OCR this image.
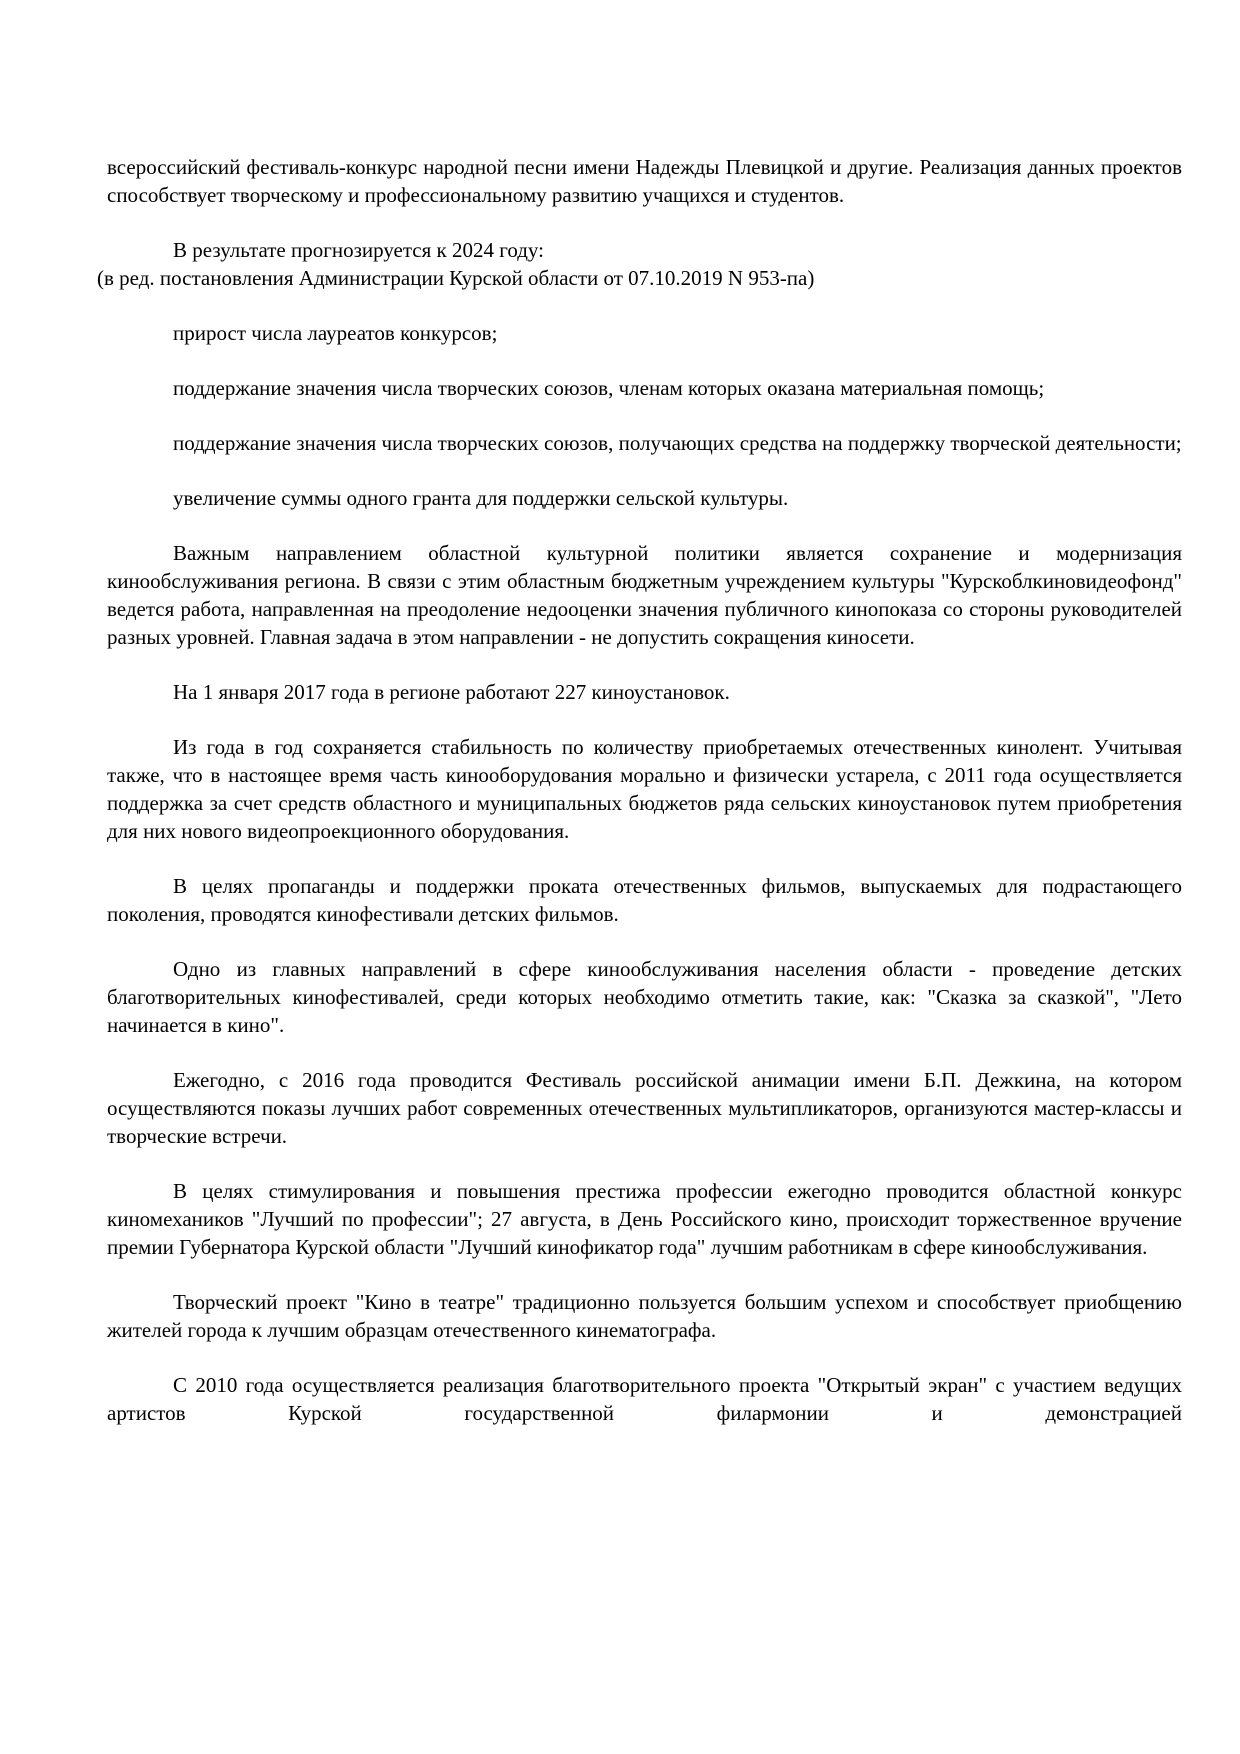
всероссийский фестиваль-конкурс народной песни имени Надежды Плевицкой и другие. Реализация данных проектов способствует творческому и профессиональному развитию учащихся и студентов.

В результате прогнозируется к 2024 году:

(в ред. постановления Администрации Курской области от 07.10.2019 N 953-па)

прирост числа лауреатов конкурсов;

поддержание значения числа творческих союзов, членам которых оказана материальная помощь;

поддержание значения числа творческих союзов, получающих средства на поддержку творческой деятельности;

увеличение суммы одного гранта для поддержки сельской культуры.

Важным направлением областной культурной политики является сохранение и модернизация кинообслуживания региона. В связи с этим областным бюджетным учреждением культуры "Курскоблкиновидеофонд" ведется работа, направленная на преодоление недооценки значения публичного кинопоказа со стороны руководителей разных уровней. Главная задача в этом направлении - не допустить сокращения киносети.

На 1 января 2017 года в регионе работают 227 киноустановок.

Из года в год сохраняется стабильность по количеству приобретаемых отечественных кинолент. Учитывая также, что в настоящее время часть кинооборудования морально и физически устарела, с 2011 года осуществляется поддержка за счет средств областного и муниципальных бюджетов ряда сельских киноустановок путем приобретения для них нового видеопроекционного оборудования.

В целях пропаганды и поддержки проката отечественных фильмов, выпускаемых для подрастающего поколения, проводятся кинофестивали детских фильмов.

Одно из главных направлений в сфере кинообслуживания населения области - проведение детских благотворительных кинофестивалей, среди которых необходимо отметить такие, как: "Сказка за сказкой", "Лето начинается в кино".

Ежегодно, с 2016 года проводится Фестиваль российской анимации имени Б.П. Дежкина, на котором осуществляются показы лучших работ современных отечественных мультипликаторов, организуются мастер-классы и творческие встречи.

В целях стимулирования и повышения престижа профессии ежегодно проводится областной конкурс киномехаников "Лучший по профессии"; 27 августа, в День Российского кино, происходит торжественное вручение премии Губернатора Курской области "Лучший кинофикатор года" лучшим работникам в сфере кинообслуживания.

Творческий проект "Кино в театре" традиционно пользуется большим успехом и способствует приобщению жителей города к лучшим образцам отечественного кинематографа.

С 2010 года осуществляется реализация благотворительного проекта "Открытый экран" с участием ведущих артистов Курской государственной филармонии и демонстрацией
